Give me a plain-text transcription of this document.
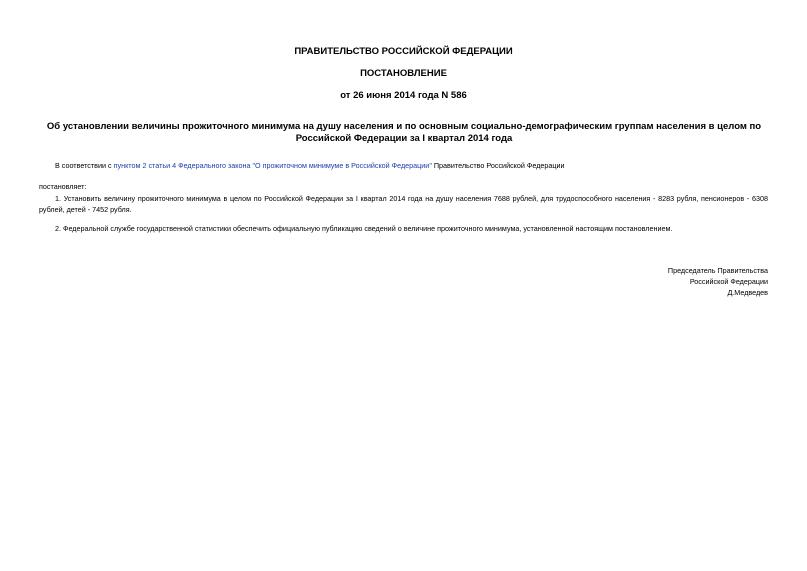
ПРАВИТЕЛЬСТВО РОССИЙСКОЙ ФЕДЕРАЦИИ
ПОСТАНОВЛЕНИЕ
от 26 июня 2014 года N 586
Об установлении величины прожиточного минимума на душу населения и по основным социально-демографическим группам населения в целом по Российской Федерации за I квартал 2014 года
В соответствии с пунктом 2 статьи 4 Федерального закона "О прожиточном минимуме в Российской Федерации" Правительство Российской Федерации
постановляет:
1. Установить величину прожиточного минимума в целом по Российской Федерации за I квартал 2014 года на душу населения 7688 рублей, для трудоспособного населения - 8283 рубля, пенсионеров - 6308 рублей, детей - 7452 рубля.
2. Федеральной службе государственной статистики обеспечить официальную публикацию сведений о величине прожиточного минимума, установленной настоящим постановлением.
Председатель Правительства
Российской Федерации
Д.Медведев
